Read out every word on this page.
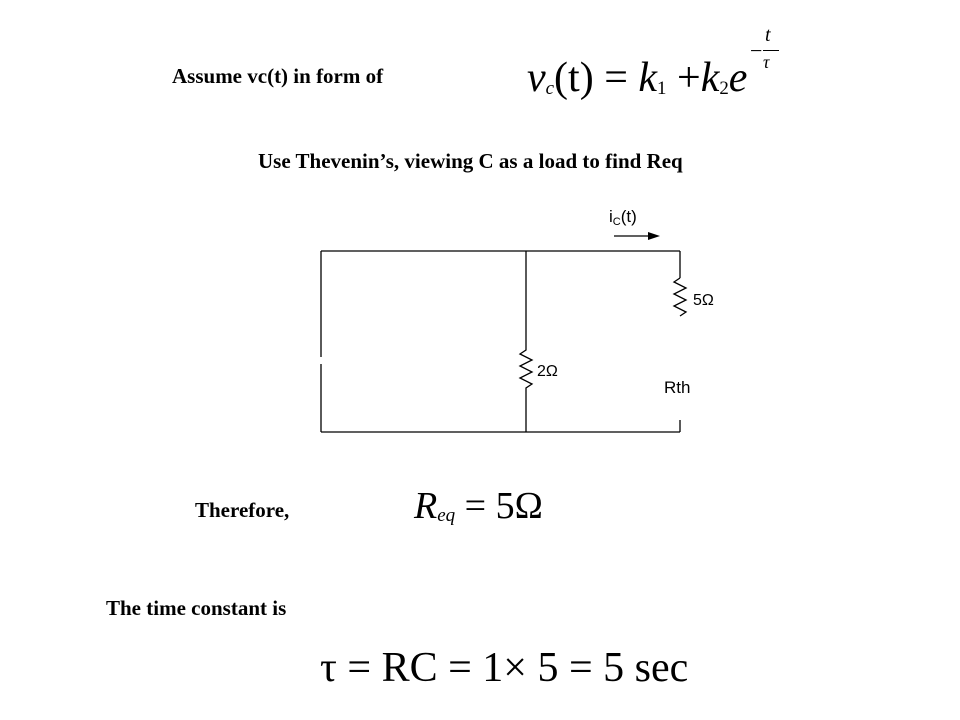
Assume vc(t) in form of	vc(t) = k1 +k2e
−
t
τ
Use Thevenin’s, viewing C as a load to find Req
iC(t)
2Ω
5Ω
Rth
Therefore,	Req = 5Ω
The time constant is
τ = RC = 1× 5 = 5 sec
